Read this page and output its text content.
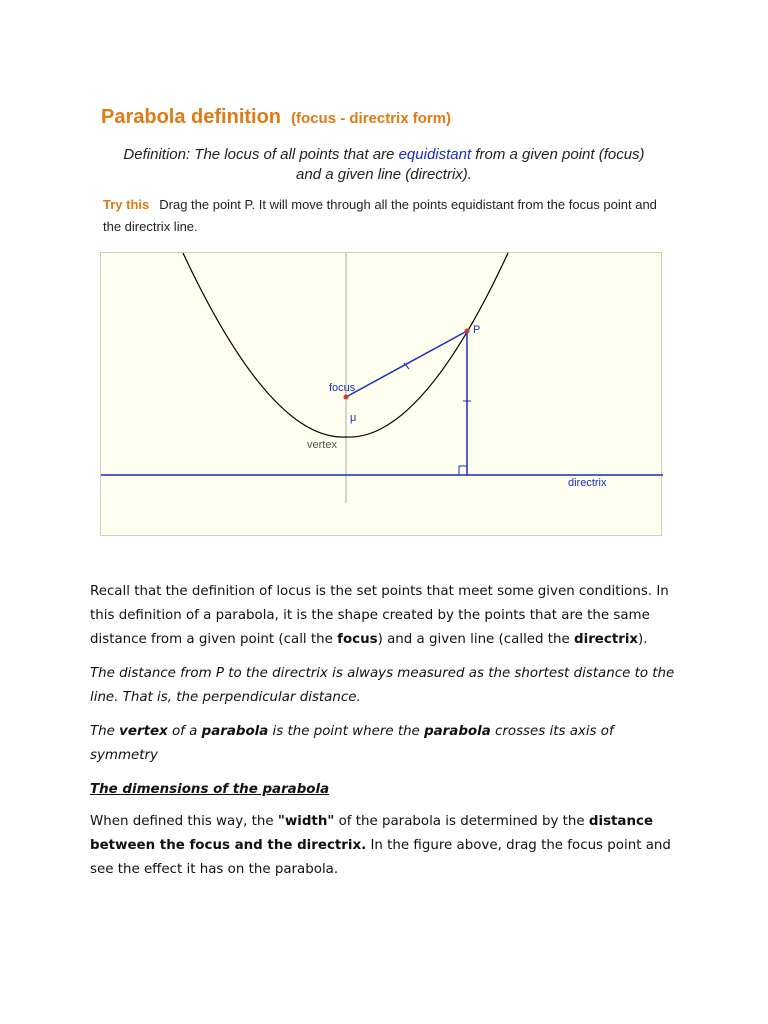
Parabola definition (focus - directrix form)

Definition: The locus of all points that are equidistant from a given point (focus)
and a given line (directrix).

Try this Drag the point P. It will move through all the points equidistant from the focus point and the directrix line.

focus
μ
vertex
P
directrix

Recall that the definition of locus is the set points that meet some given conditions. In this definition of a parabola, it is the shape created by the points that are the same distance from a given point (call the focus) and a given line (called the directrix).

The distance from P to the directrix is always measured as the shortest distance to the line. That is, the perpendicular distance.

The vertex of a parabola is the point where the parabola crosses its axis of symmetry

The dimensions of the parabola

When defined this way, the "width" of the parabola is determined by the distance between the focus and the directrix. In the figure above, drag the focus point and see the effect it has on the parabola.
